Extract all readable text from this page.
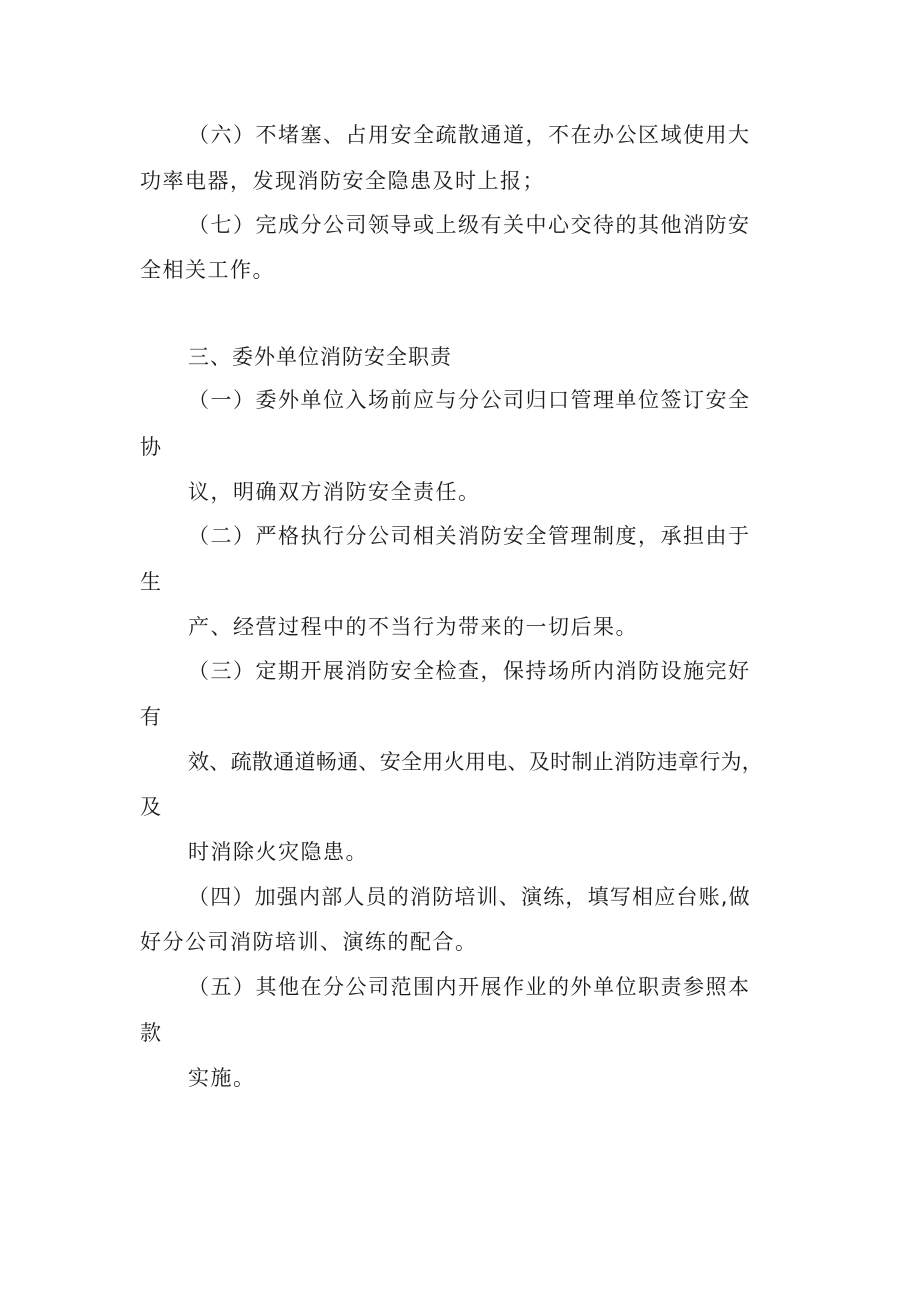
（六）不堵塞、占用安全疏散通道，不在办公区域使用大

功率电器，发现消防安全隐患及时上报；

（七）完成分公司领导或上级有关中心交待的其他消防安

全相关工作。

三、委外单位消防安全职责

（一）委外单位入场前应与分公司归口管理单位签订安全

协

议，明确双方消防安全责任。

（二）严格执行分公司相关消防安全管理制度，承担由于

生

产、经营过程中的不当行为带来的一切后果。

（三）定期开展消防安全检查，保持场所内消防设施完好

有

效、疏散通道畅通、安全用火用电、及时制止消防违章行为，

及

时消除火灾隐患。

（四）加强内部人员的消防培训、演练，填写相应台账,做

好分公司消防培训、演练的配合。

（五）其他在分公司范围内开展作业的外单位职责参照本

款

实施。
